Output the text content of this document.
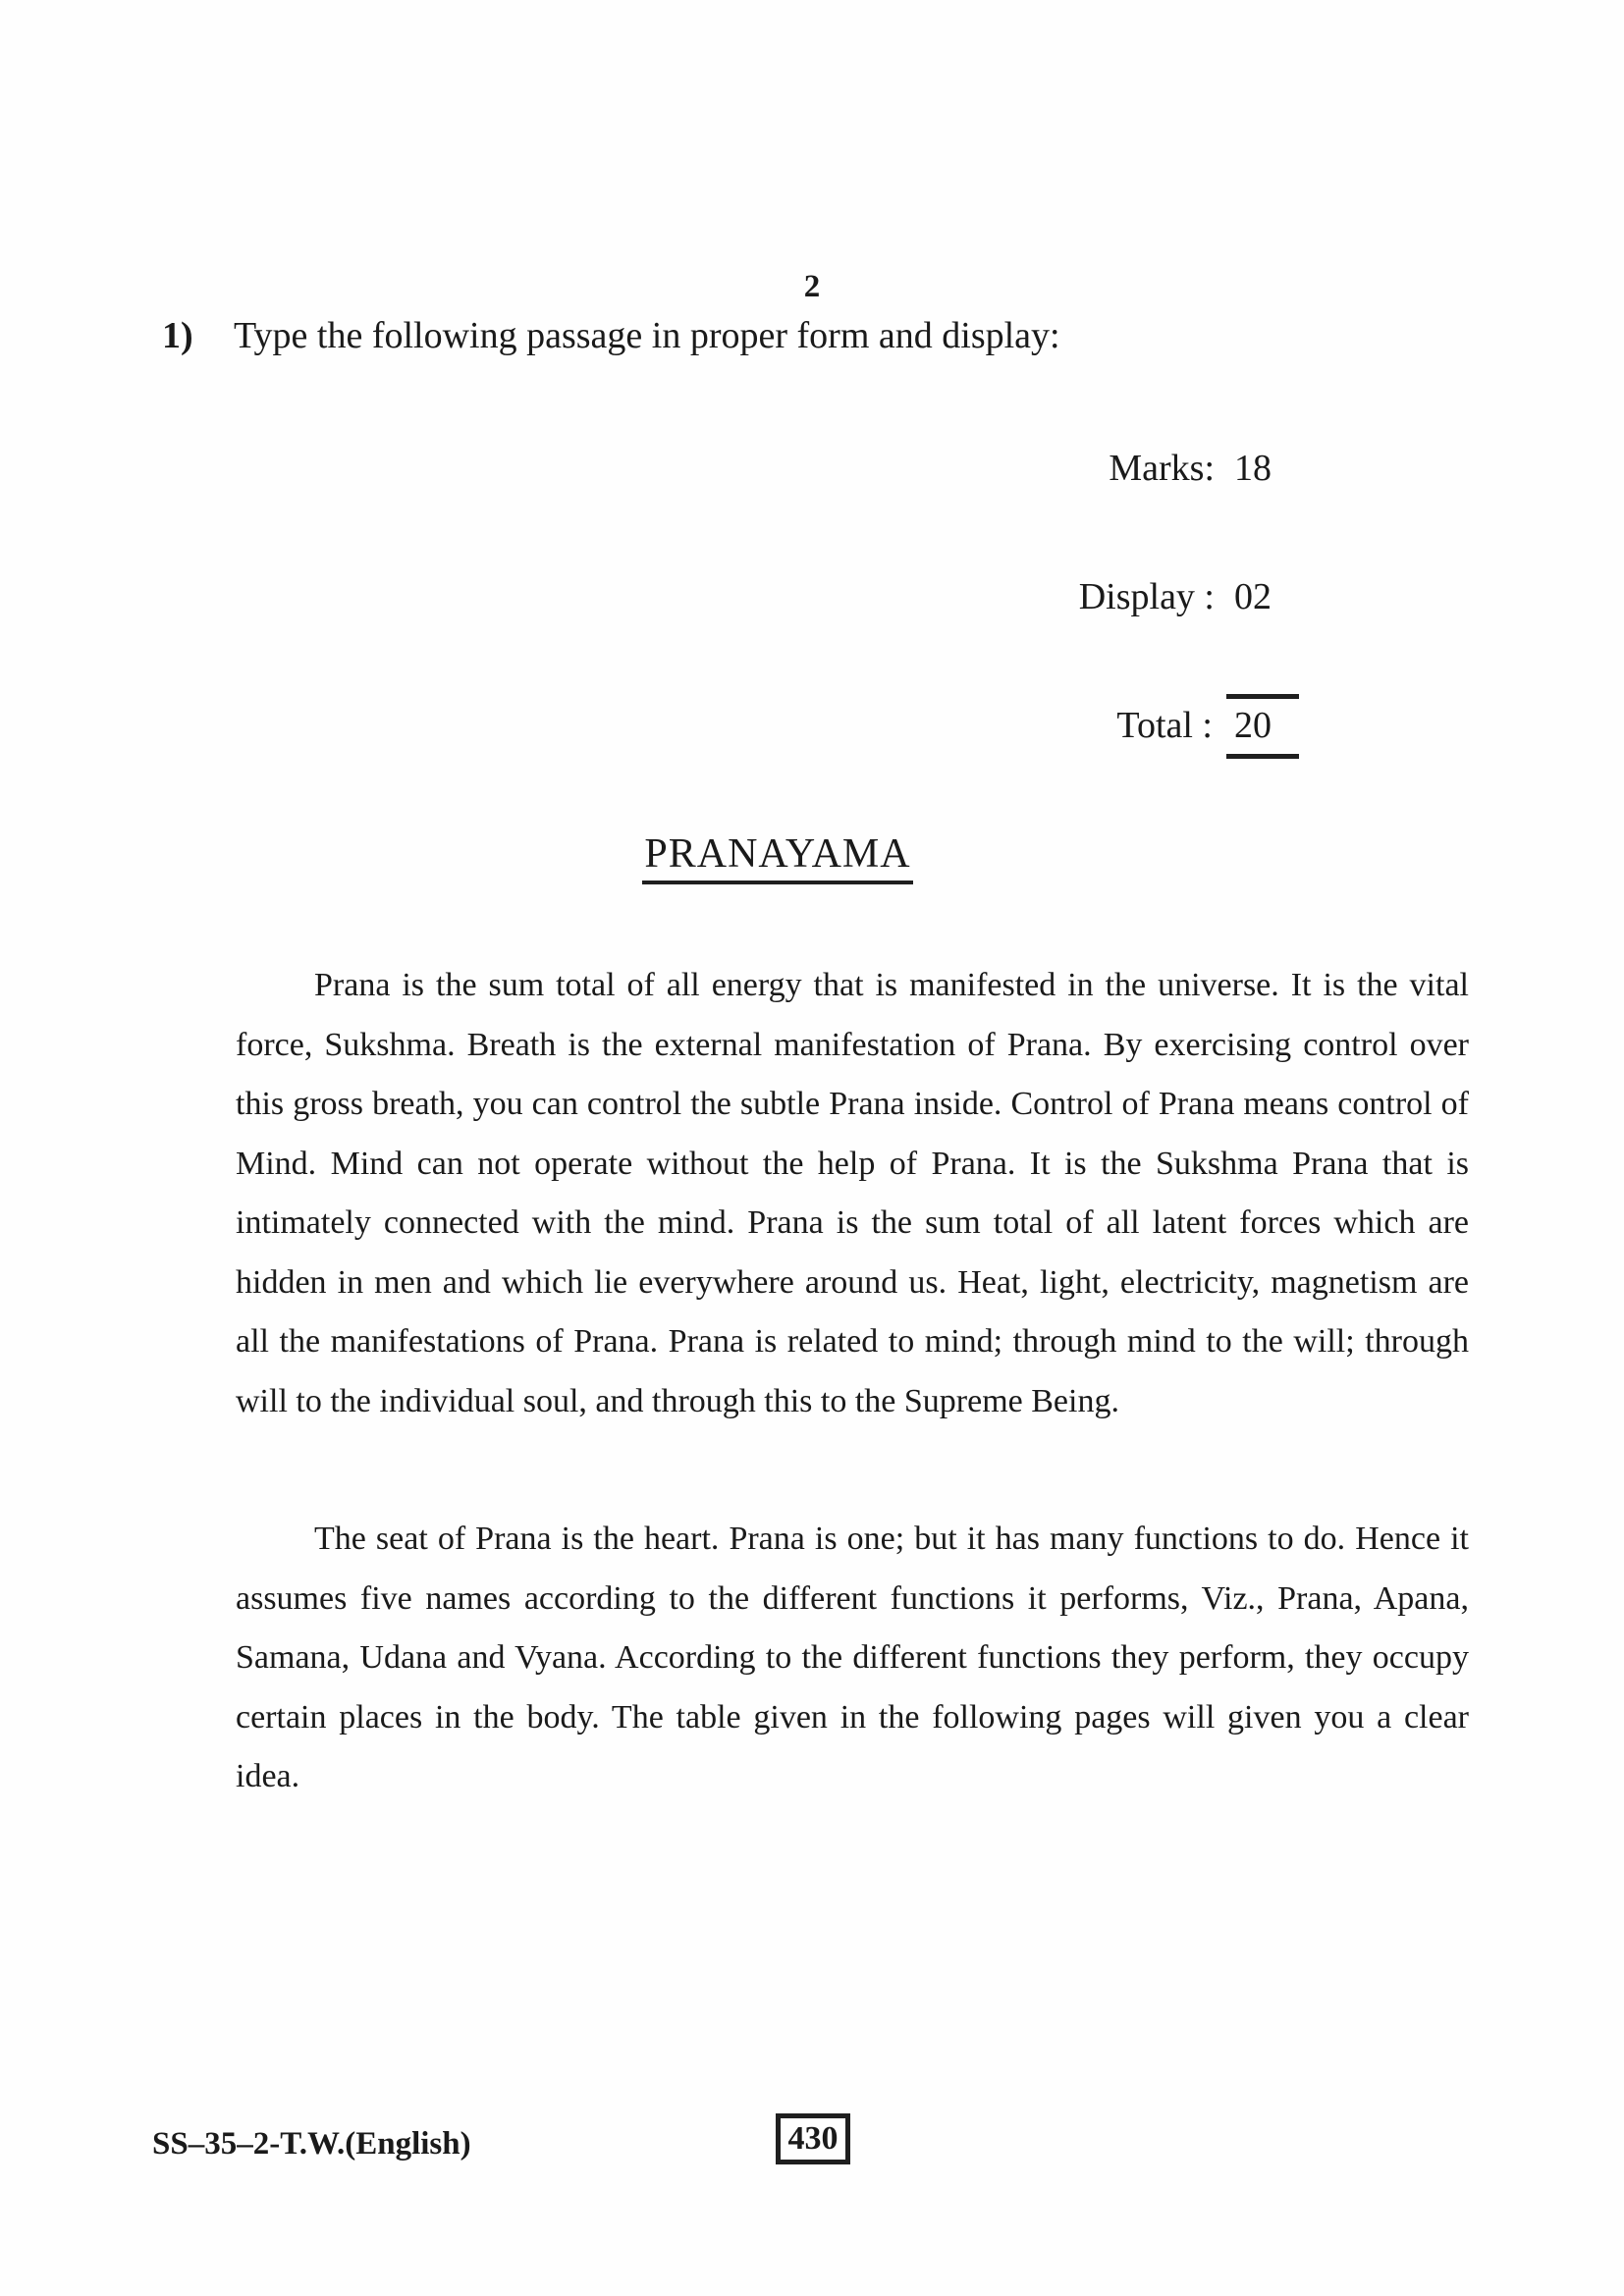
2
1) Type the following passage in proper form and display:
Marks: 18
Display : 02
Total : 20
PRANAYAMA

Prana is the sum total of all energy that is manifested in the universe. It is the vital force, Sukshma. Breath is the external manifestation of Prana. By exercising control over this gross breath, you can control the subtle Prana inside. Control of Prana means control of Mind. Mind can not operate without the help of Prana. It is the Sukshma Prana that is intimately connected with the mind. Prana is the sum total of all latent forces which are hidden in men and which lie everywhere around us. Heat, light, electricity, magnetism are all the manifestations of Prana. Prana is related to mind; through mind to the will; through will to the individual soul, and through this to the Supreme Being.

The seat of Prana is the heart. Prana is one; but it has many functions to do. Hence it assumes five names according to the different functions it performs, Viz., Prana, Apana, Samana, Udana and Vyana. According to the different functions they perform, they occupy certain places in the body. The table given in the following pages will given you a clear idea.

SS–35–2-T.W.(English)	430
